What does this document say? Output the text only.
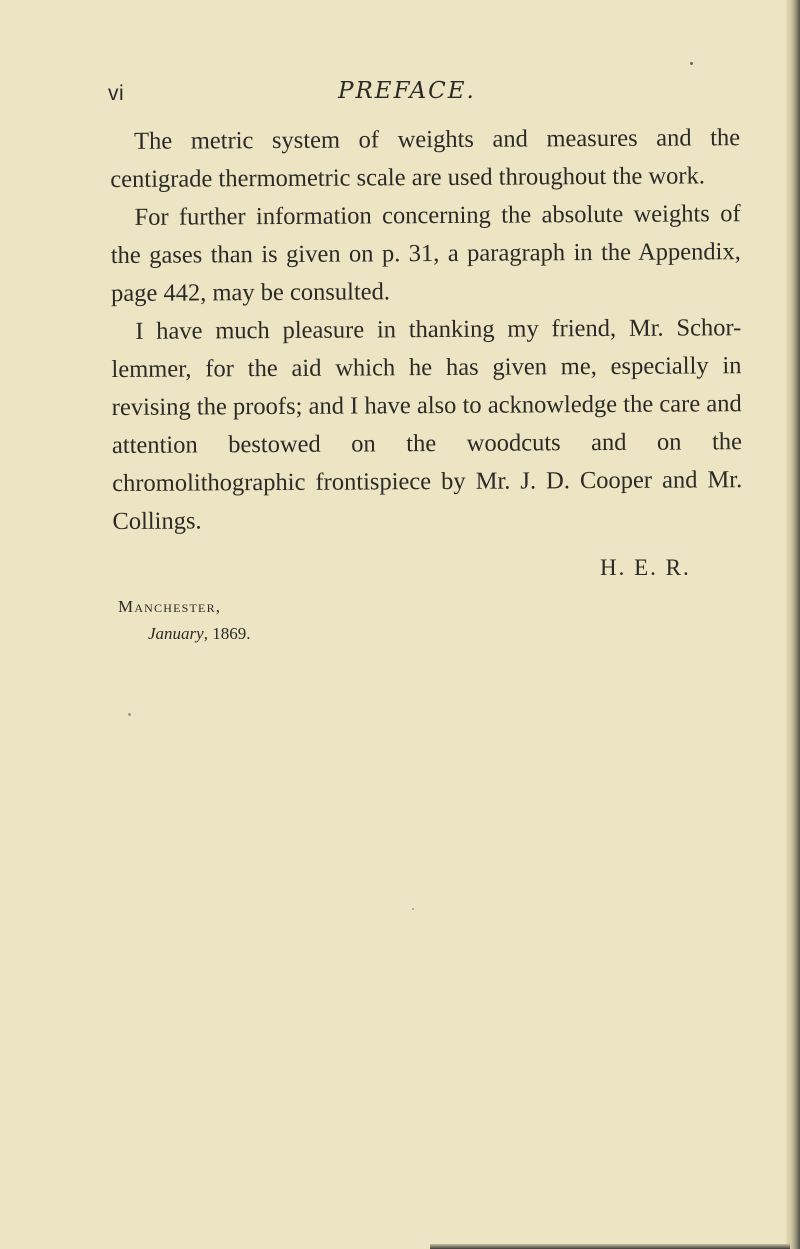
vi	PREFACE.

The metric system of weights and measures and the centigrade thermometric scale are used throughout the work.

For further information concerning the absolute weights of the gases than is given on p. 31, a paragraph in the Appendix, page 442, may be consulted.

I have much pleasure in thanking my friend, Mr. Schor-lemmer, for the aid which he has given me, especially in revising the proofs; and I have also to acknowledge the care and attention bestowed on the woodcuts and on the chromolithographic frontispiece by Mr. J. D. Cooper and Mr. Collings.

H. E. R.
Manchester,
January, 1869.
